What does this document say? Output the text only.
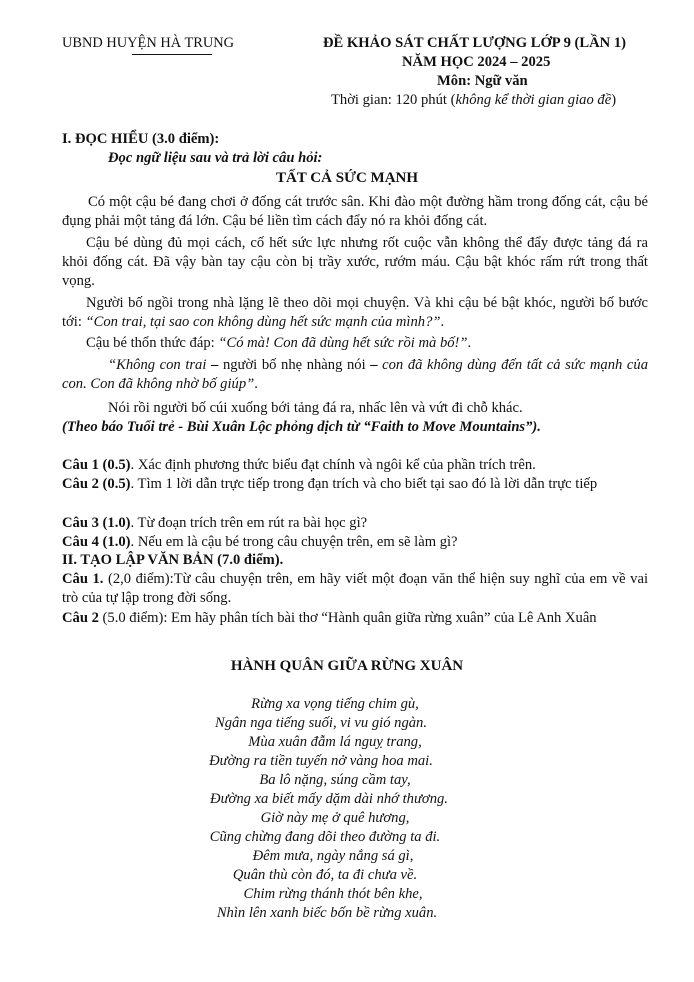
UBND HUYỆN HÀ TRUNG	ĐỀ KHẢO SÁT CHẤT LƯỢNG LỚP 9 (LẦN 1)
NĂM HỌC 2024 – 2025
Môn: Ngữ văn
Thời gian: 120 phút (không kể thời gian giao đề)
I. ĐỌC HIỂU (3.0 điểm):
Đọc ngữ liệu sau và trả lời câu hỏi:
TẤT CẢ SỨC MẠNH
Có một cậu bé đang chơi ở đống cát trước sân. Khi đào một đường hầm trong đống cát, cậu bé đụng phải một tảng đá lớn. Cậu bé liền tìm cách đẩy nó ra khỏi đống cát.
Cậu bé dùng đủ mọi cách, cố hết sức lực nhưng rốt cuộc vẫn không thể đẩy được tảng đá ra khỏi đống cát. Đã vậy bàn tay cậu còn bị trầy xước, rướm máu. Cậu bật khóc rấm rứt trong thất vọng.
Người bố ngồi trong nhà lặng lẽ theo dõi mọi chuyện. Và khi cậu bé bật khóc, người bố bước tới: “Con trai, tại sao con không dùng hết sức mạnh của mình?”.
Cậu bé thổn thức đáp: “Có mà! Con đã dùng hết sức rồi mà bố!”.
“Không con trai – người bố nhẹ nhàng nói – con đã không dùng đến tất cả sức mạnh của con. Con đã không nhờ bố giúp”.
Nói rồi người bố cúi xuống bới tảng đá ra, nhấc lên và vứt đi chỗ khác.
(Theo báo Tuổi trẻ - Bùi Xuân Lộc phỏng dịch từ “Faith to Move Mountains”).
Câu 1 (0.5). Xác định phương thức biểu đạt chính và ngôi kể của phần trích trên.
Câu 2 (0.5). Tìm 1 lời dẫn trực tiếp trong đạn trích và cho biết tại sao đó là lời dẫn trực tiếp
Câu 3 (1.0). Từ đoạn trích trên em rút ra bài học gì?
Câu 4 (1.0). Nếu em là cậu bé trong câu chuyện trên, em sẽ làm gì?
II. TẠO LẬP VĂN BẢN (7.0 điểm).
Câu 1. (2,0 điểm):Từ câu chuyện trên, em hãy viết một đoạn văn thể hiện suy nghĩ của em về vai trò của tự lập trong đời sống.
Câu 2 (5.0 điểm): Em hãy phân tích bài thơ “Hành quân giữa rừng xuân” của Lê Anh Xuân
HÀNH QUÂN GIỮA RỪNG XUÂN
Rừng xa vọng tiếng chim gù,
Ngân nga tiếng suối, vi vu gió ngàn.
Mùa xuân đẫm lá nguỵ trang,
Đường ra tiền tuyến nở vàng hoa mai.
Ba lô nặng, súng cầm tay,
Đường xa biết mấy dặm dài nhớ thương.
Giờ này mẹ ở quê hương,
Cũng chừng đang dõi theo đường ta đi.
Đêm mưa, ngày nắng sá gì,
Quân thù còn đó, ta đi chưa về.
Chim rừng thánh thót bên khe,
Nhìn lên xanh biếc bốn bề rừng xuân.
